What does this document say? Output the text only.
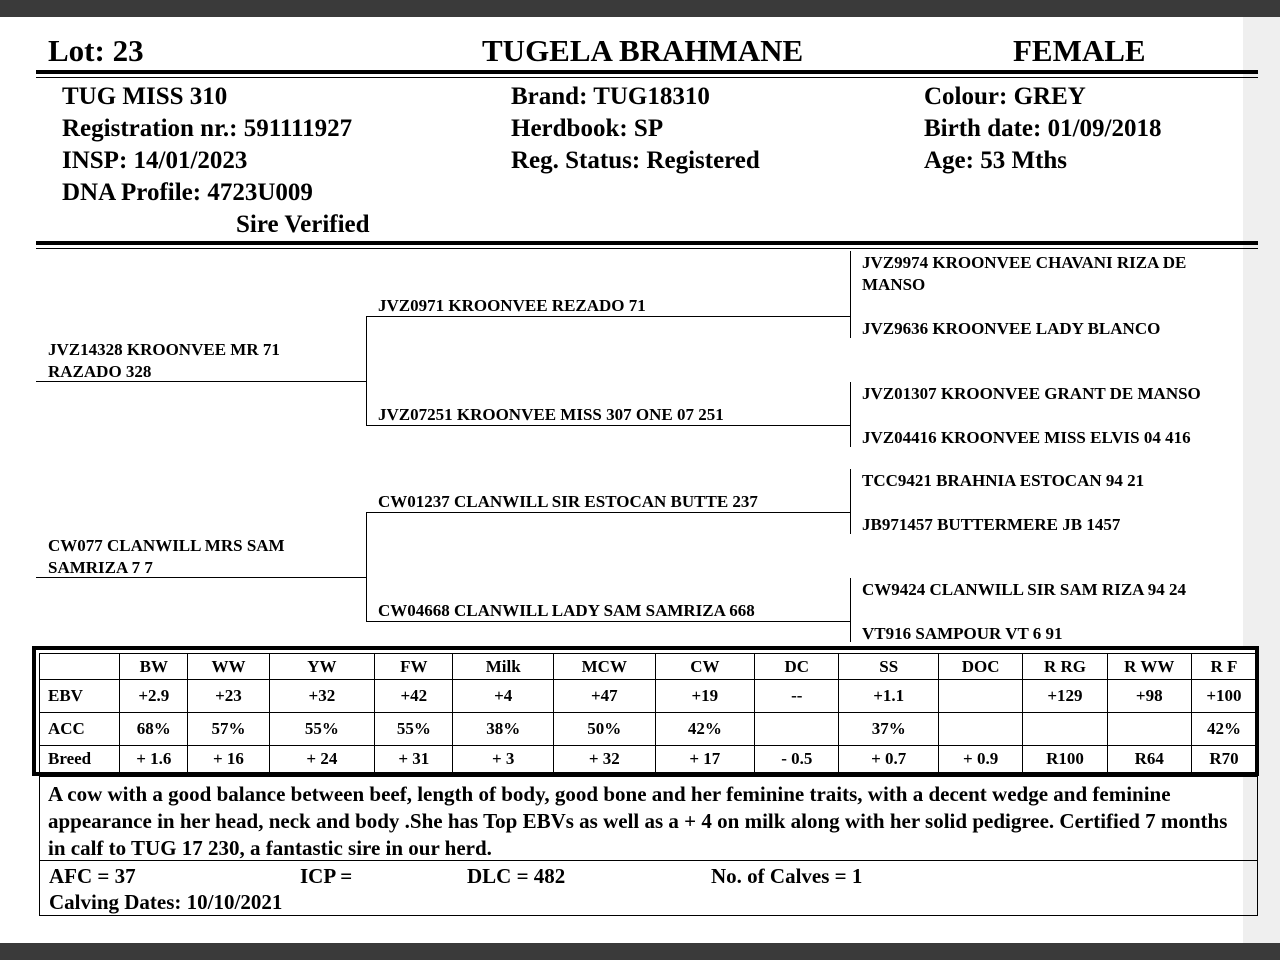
Lot: 23	TUGELA BRAHMANE	FEMALE
TUG MISS 310
Registration nr.: 591111927
INSP: 14/01/2023
DNA Profile: 4723U009
Sire Verified
Brand: TUG18310
Herdbook: SP
Reg. Status: Registered
Colour: GREY
Birth date: 01/09/2018
Age: 53 Mths
JVZ14328 KROONVEE MR 71
RAZADO 328
CW077 CLANWILL MRS SAM
SAMRIZA 7 7
JVZ0971 KROONVEE REZADO 71
JVZ07251 KROONVEE MISS 307 ONE 07 251
CW01237 CLANWILL SIR ESTOCAN BUTTE 237
CW04668 CLANWILL LADY SAM SAMRIZA 668
JVZ9974 KROONVEE CHAVANI RIZA DE
MANSO
JVZ9636 KROONVEE LADY BLANCO
JVZ01307 KROONVEE GRANT DE MANSO
JVZ04416 KROONVEE MISS ELVIS 04 416
TCC9421 BRAHNIA ESTOCAN 94 21
JB971457 BUTTERMERE JB 1457
CW9424 CLANWILL SIR SAM RIZA 94 24
VT916 SAMPOUR VT 6 91
	BW	WW	YW	FW	Milk	MCW	CW	DC	SS	DOC	R RG	R WW	R F
EBV	+2.9	+23	+32	+42	+4	+47	+19	--	+1.1		+129	+98	+100
ACC	68%	57%	55%	55%	38%	50%	42%		37%				42%
Breed	+ 1.6	+ 16	+ 24	+ 31	+ 3	+ 32	+ 17	- 0.5	+ 0.7	+ 0.9	R100	R64	R70
A cow with a good balance between beef, length of body, good bone and her feminine traits, with a decent wedge and feminine appearance in her head, neck and body .She has Top EBVs as well as a + 4 on milk along with her solid pedigree. Certified 7 months in calf to TUG 17 230, a fantastic sire in our herd.
AFC = 37	ICP =	DLC = 482	No. of Calves = 1
Calving Dates: 10/10/2021
